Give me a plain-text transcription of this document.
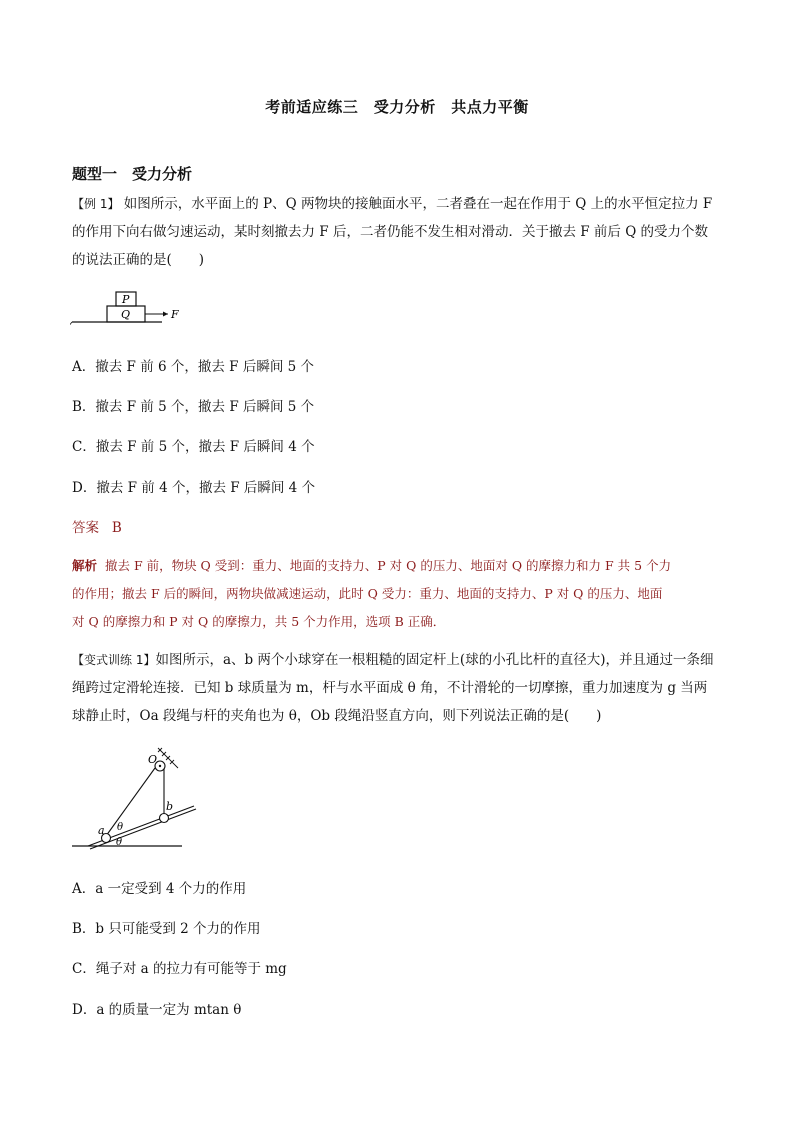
考前适应练三　受力分析　共点力平衡
题型一　受力分析
【例 1】 如图所示，水平面上的 P、Q 两物块的接触面水平，二者叠在一起在作用于 Q 上的水平恒定拉力 F
的作用下向右做匀速运动，某时刻撤去力 F 后，二者仍能不发生相对滑动．关于撤去 F 前后 Q 的受力个数
的说法正确的是(　　)
P
Q	F
A．撤去 F 前 6 个，撤去 F 后瞬间 5 个
B．撤去 F 前 5 个，撤去 F 后瞬间 5 个
C．撤去 F 前 5 个，撤去 F 后瞬间 4 个
D．撤去 F 前 4 个，撤去 F 后瞬间 4 个
答案 B
解析 撤去 F 前，物块 Q 受到：重力、地面的支持力、P 对 Q 的压力、地面对 Q 的摩擦力和力 F 共 5 个力
的作用；撤去 F 后的瞬间，两物块做减速运动，此时 Q 受力：重力、地面的支持力、P 对 Q 的压力、地面
对 Q 的摩擦力和 P 对 Q 的摩擦力，共 5 个力作用，选项 B 正确．
【变式训练 1】如图所示，a、b 两个小球穿在一根粗糙的固定杆上(球的小孔比杆的直径大)，并且通过一条细
绳跨过定滑轮连接．已知 b 球质量为 m，杆与水平面成 θ 角，不计滑轮的一切摩擦，重力加速度为 g 当两
球静止时，Oa 段绳与杆的夹角也为 θ，Ob 段绳沿竖直方向，则下列说法正确的是(　　)
O
a
b
θ
θ
A．a 一定受到 4 个力的作用
B．b 只可能受到 2 个力的作用
C．绳子对 a 的拉力有可能等于 mg
D．a 的质量一定为 mtan θ
